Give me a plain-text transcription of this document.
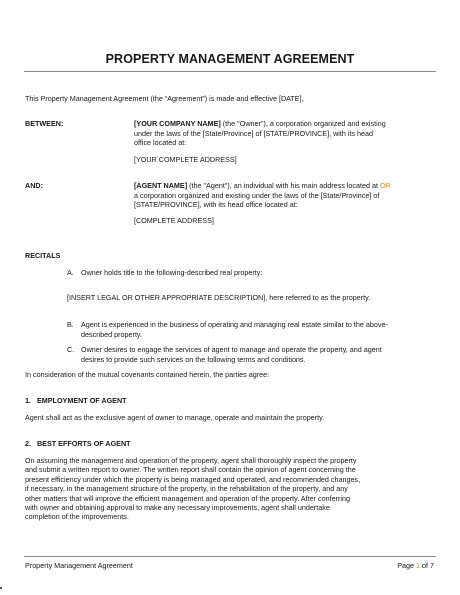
PROPERTY MANAGEMENT AGREEMENT
This Property Management Agreement (the “Agreement”) is made and effective [DATE],
BETWEEN:	[YOUR COMPANY NAME] (the "Owner"), a corporation organized and existing
under the laws of the [State/Province] of [STATE/PROVINCE], with its head
office located at:
[YOUR COMPLETE ADDRESS]
AND:	[AGENT NAME] (the "Agent"), an individual with his main address located at OR
a corporation organized and existing under the laws of the [State/Province] of
[STATE/PROVINCE], with its head office located at:
[COMPLETE ADDRESS]
RECITALS
A. Owner holds title to the following-described real property:
[INSERT LEGAL OR OTHER APPROPRIATE DESCRIPTION], here referred to as the property.
B. Agent is experienced in the business of operating and managing real estate similar to the above-
described property.
C. Owner desires to engage the services of agent to manage and operate the property, and agent
desires to provide such services on the following terms and conditions.
In consideration of the mutual covenants contained herein, the parties agree:
1.   EMPLOYMENT OF AGENT
Agent shall act as the exclusive agent of owner to manage, operate and maintain the property.
2.   BEST EFFORTS OF AGENT
On assuming the management and operation of the property, agent shall thoroughly inspect the property
and submit a written report to owner. The written report shall contain the opinion of agent concerning the
present efficiency under which the property is being managed and operated, and recommended changes,
if necessary, in the management structure of the property, in the rehabilitation of the property, and any
other matters that will improve the efficient management and operation of the property. After conferring
with owner and obtaining approval to make any necessary improvements, agent shall undertake
completion of the improvements.
Property Management Agreement	Page 1 of 7
